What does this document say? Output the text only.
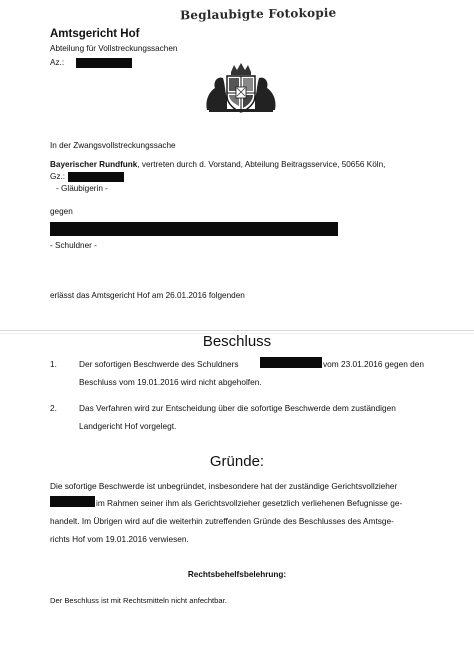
Beglaubigte Fotokopie
Amtsgericht Hof
Abteilung für Vollstreckungssachen
Az.:
In der Zwangsvollstreckungssache
Bayerischer Rundfunk, vertreten durch d. Vorstand, Abteilung Beitragsservice, 50656 Köln,
Gz.:
- Gläubigerin -
gegen
- Schuldner -
erlässt das Amtsgericht Hof am 26.01.2016 folgenden
Beschluss
1.	Der sofortigen Beschwerde des Schuldners	vom 23.01.2016 gegen den
Beschluss vom 19.01.2016 wird nicht abgeholfen.
2.	Das Verfahren wird zur Entscheidung über die sofortige Beschwerde dem zuständigen
Landgericht Hof vorgelegt.
Gründe:
Die sofortige Beschwerde ist unbegründet, insbesondere hat der zuständige Gerichtsvollzieher
im Rahmen seiner ihm als Gerichtsvollzieher gesetzlich verliehenen Befugnisse ge-
handelt. Im Übrigen wird auf die weiterhin zutreffenden Gründe des Beschlusses des Amtsge-
richts Hof vom 19.01.2016 verwiesen.
Rechtsbehelfsbelehrung:
Der Beschluss ist mit Rechtsmitteln nicht anfechtbar.
